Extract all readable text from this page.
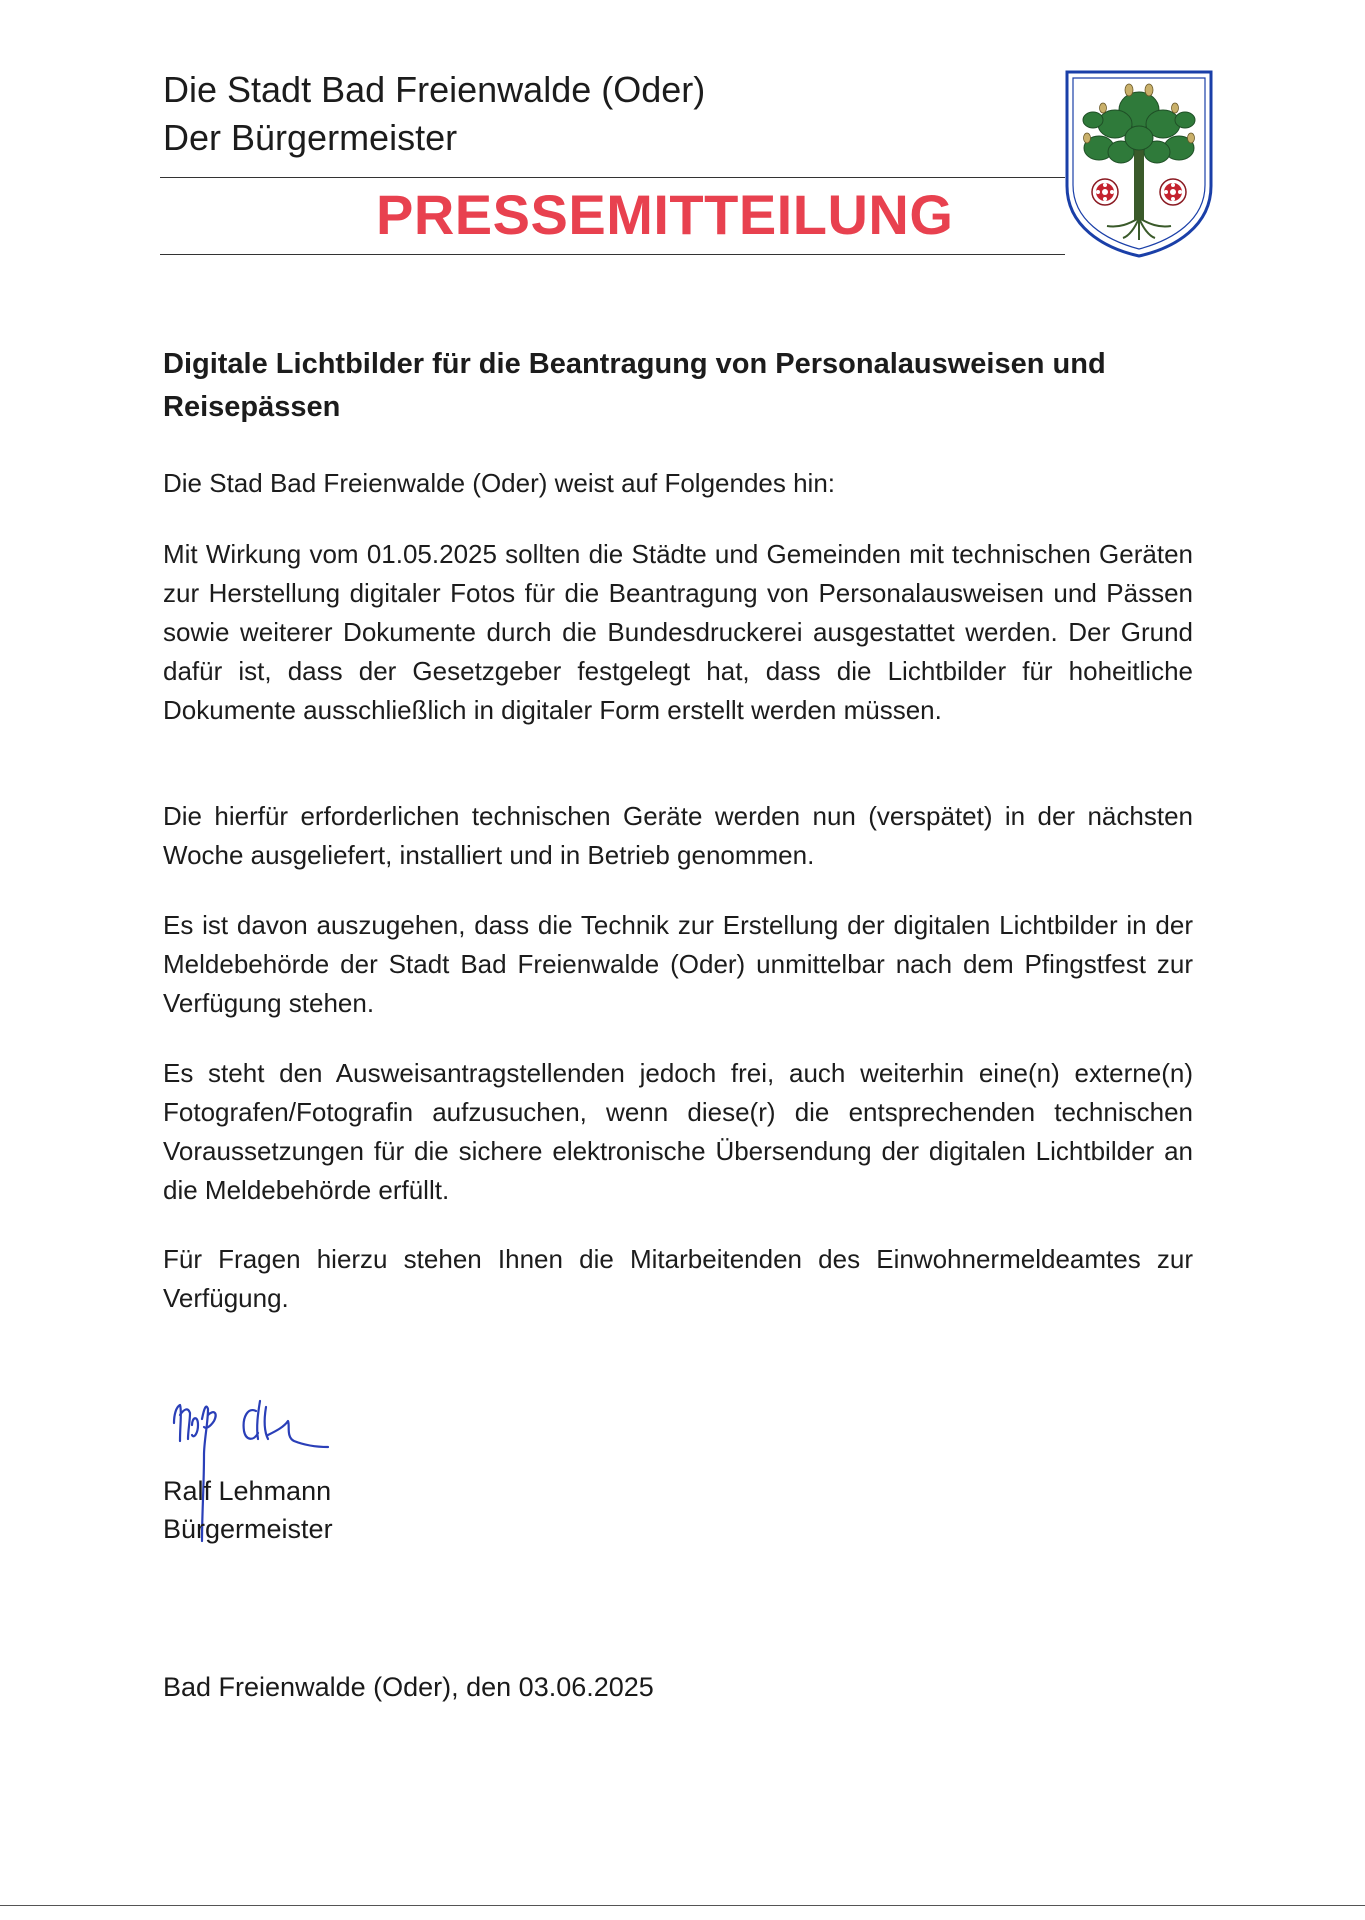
Die Stadt Bad Freienwalde (Oder)
Der Bürgermeister
PRESSEMITTEILUNG
Digitale Lichtbilder für die Beantragung von Personalausweisen und Reisepässen
Die Stad Bad Freienwalde (Oder) weist auf Folgendes hin:
Mit Wirkung vom 01.05.2025 sollten die Städte und Gemeinden mit technischen Geräten zur Herstellung digitaler Fotos für die Beantragung von Personalausweisen und Pässen sowie weiterer Dokumente durch die Bundesdruckerei ausgestattet werden. Der Grund dafür ist, dass der Gesetzgeber festgelegt hat, dass die Lichtbilder für hoheitliche Dokumente ausschließlich in digitaler Form erstellt werden müssen.
Die hierfür erforderlichen technischen Geräte werden nun (verspätet) in der nächsten Woche ausgeliefert, installiert und in Betrieb genommen.
Es ist davon auszugehen, dass die Technik zur Erstellung der digitalen Lichtbilder in der Meldebehörde der Stadt Bad Freienwalde (Oder) unmittelbar nach dem Pfingstfest zur Verfügung stehen.
Es steht den Ausweisantragstellenden jedoch frei, auch weiterhin eine(n) externe(n) Fotografen/Fotografin aufzusuchen, wenn diese(r) die entsprechenden technischen Voraussetzungen für die sichere elektronische Übersendung der digitalen Lichtbilder an die Meldebehörde erfüllt.
Für Fragen hierzu stehen Ihnen die Mitarbeitenden des Einwohnermeldeamtes zur Verfügung.
Ralf Lehmann
Bürgermeister
Bad Freienwalde (Oder), den 03.06.2025
